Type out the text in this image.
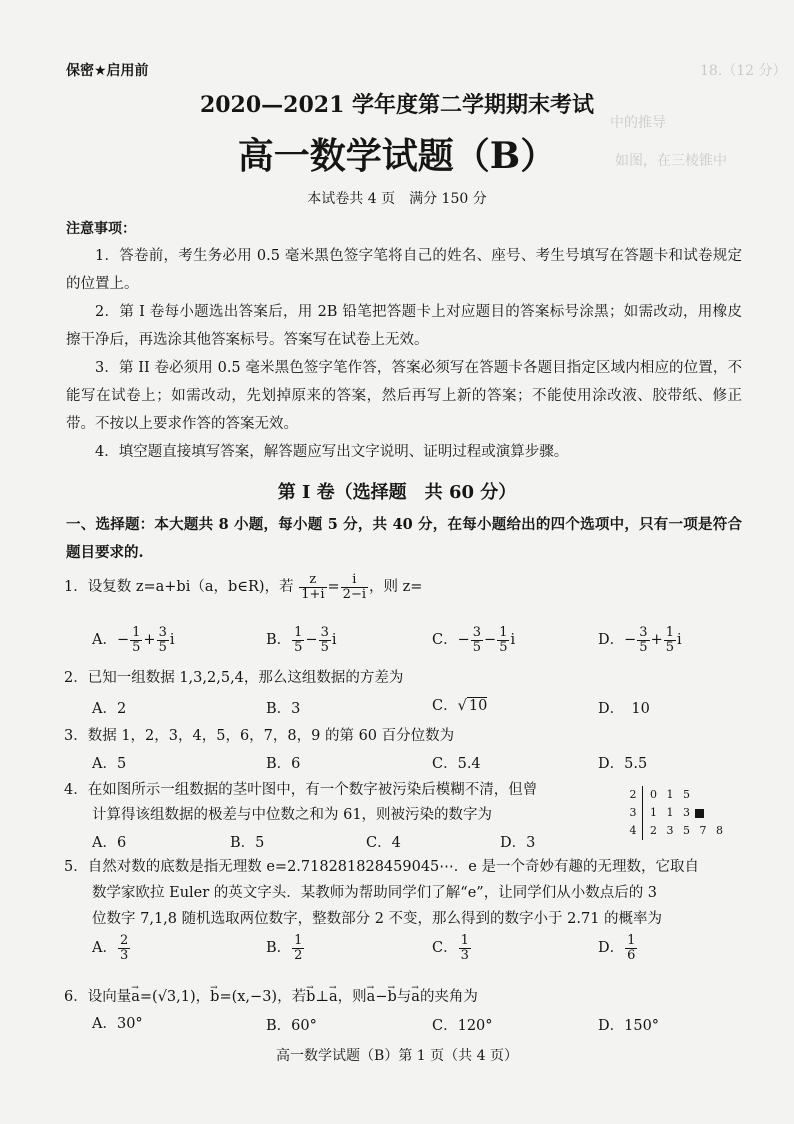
18.（12 分）
中的推导
如图，在三棱锥中
保密★启用前
2020—2021 学年度第二学期期末考试
高一数学试题（B）
本试卷共 4 页　满分 150 分
注意事项：
1．答卷前，考生务必用 0.5 毫米黑色签字笔将自己的姓名、座号、考生号填写在答题卡和试卷规定的位置上。
2．第 I 卷每小题选出答案后，用 2B 铅笔把答题卡上对应题目的答案标号涂黑；如需改动，用橡皮擦干净后，再选涂其他答案标号。答案写在试卷上无效。
3．第 II 卷必须用 0.5 毫米黑色签字笔作答，答案必须写在答题卡各题目指定区域内相应的位置，不能写在试卷上；如需改动，先划掉原来的答案，然后再写上新的答案；不能使用涂改液、胶带纸、修正带。不按以上要求作答的答案无效。
4．填空题直接填写答案，解答题应写出文字说明、证明过程或演算步骤。
第 I 卷（选择题　共 60 分）
一、选择题：本大题共 8 小题，每小题 5 分，共 40 分，在每小题给出的四个选项中，只有一项是符合题目要求的.
1．设复数 z=a+bi（a，b∈R)，若 $\frac{z}{1+i} = \frac{i}{2-i}$ ，则 z=
A．− $\frac{1}{5} + \frac{3}{5}$ i	B． $\frac{1}{5} - \frac{3}{5}$ i	C．− $\frac{3}{5} - \frac{1}{5}$ i	D．− $\frac{3}{5} + \frac{1}{5}$ i
2．已知一组数据 1,3,2,5,4，那么这组数据的方差为
A．2	B．3	C．√ 10	D．　10
3．数据 1，2，3，4，5，6，7，8，9 的第 60 百分位数为
A．5	B．6	C．5.4	D．5.5
4．在如图所示一组数据的茎叶图中，有一个数字被污染后模糊不清，但曾
计算得该组数据的极差与中位数之和为 61，则被污染的数字为
A．6	B．5	C．4	D．3
2 0 1 5
3 1 1 3
4 2 3 5 7 8
5．自然对数的底数是指无理数 e=2.718281828459045⋯．e 是一个奇妙有趣的无理数，它取自
数学家欧拉 Euler 的英文字头．某教师为帮助同学们了解“e”，让同学们从小数点后的 3
位数字 7,1,8 随机选取两位数字，整数部分 2 不变，那么得到的数字小于 2.71 的概率为
A． $\frac{2}{3}$	B． $\frac{1}{2}$	C． $\frac{1}{3}$	D． $\frac{1}{6}$
6．设向量→ a=(√3,1)，→ b=(x,−3)，若→ b⊥→ a，则→ a−→ b与→ a的夹角为
A．30°	B．60°	C．120°	D．150°
高一数学试题（B）第 1 页（共 4 页）
